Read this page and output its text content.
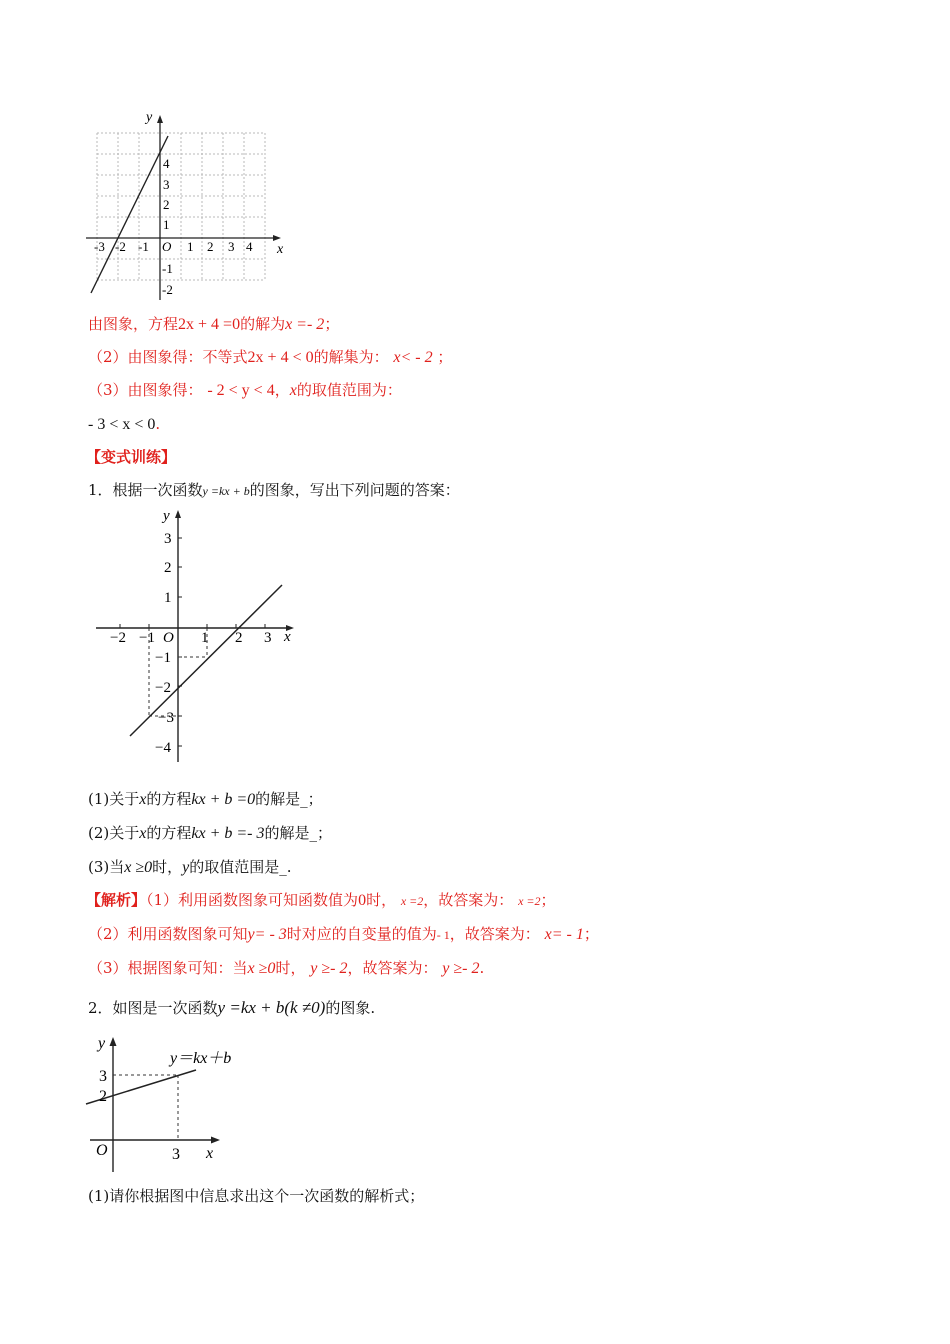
y
x
O
-3 -2 -1	1 2 3 4
4
3
2
1
-1
-2
由图象，方程2x + 4 =0的解为x =- 2；
（2）由图象得：不等式2x + 4 < 0的解集为： x< - 2 ；
（3）由图象得： - 2 < y < 4，x的取值范围为：
- 3 < x < 0.
【变式训练】
1．根据一次函数y =kx + b的图象，写出下列问题的答案：
y
x
O
−2 −1	1 2 3
3
2
1
−1
−2
−3
−4
(1)关于x的方程kx + b =0的解是_；
(2)关于x的方程kx + b =- 3的解是_；
(3)当x ≥0时，y的取值范围是_.
【解析】（1）利用函数图象可知函数值为0时， x =2，故答案为： x =2；
（2）利用函数图象可知y= - 3时对应的自变量的值为- 1，故答案为： x= - 1；
（3）根据图象可知：当x ≥0时， y ≥- 2，故答案为： y ≥- 2.
2．如图是一次函数y =kx + b(k ≠0)的图象.
y＝kx＋b
y
x
O	3
3
2
(1)请你根据图中信息求出这个一次函数的解析式；
